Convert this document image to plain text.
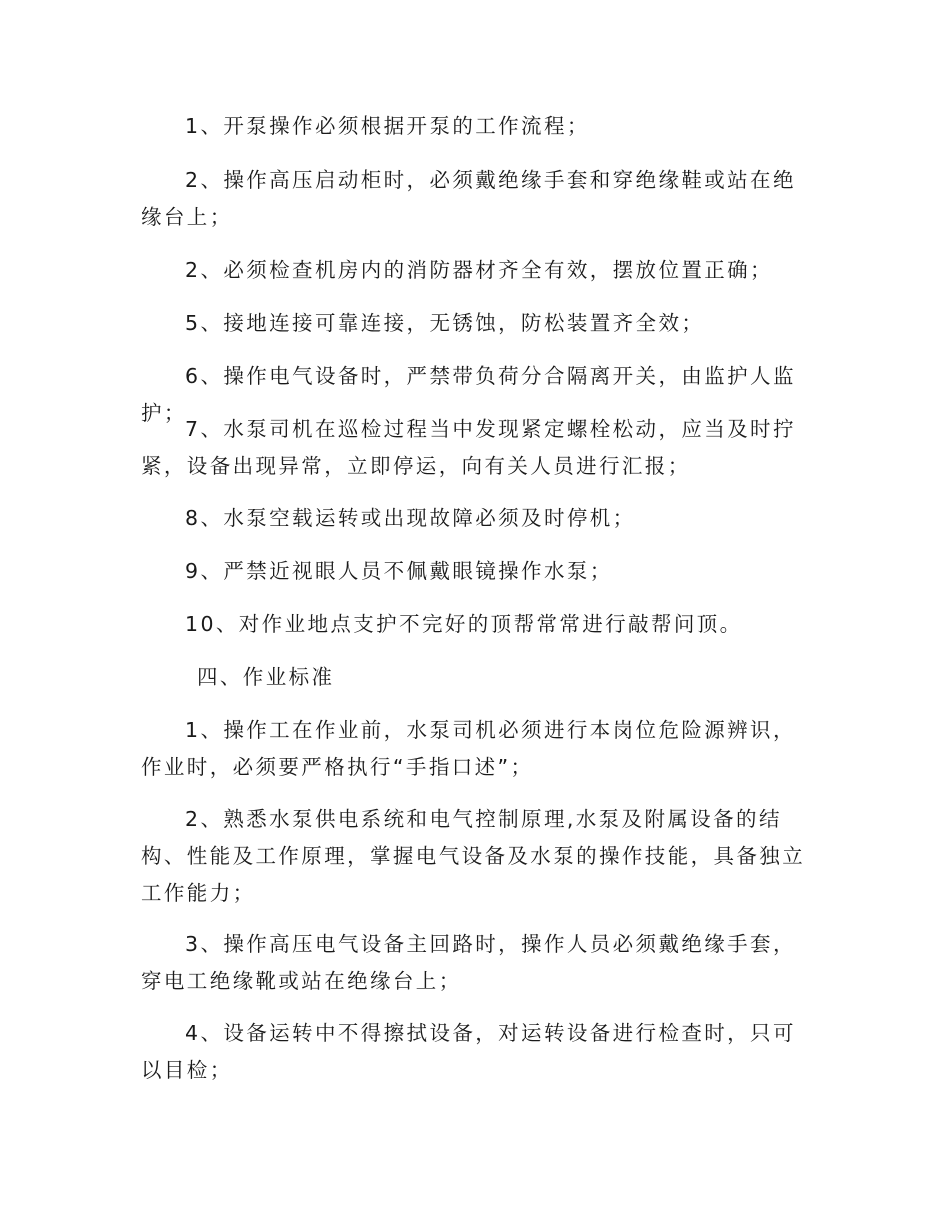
1、开泵操作必须根据开泵的工作流程；

2、操作高压启动柜时，必须戴绝缘手套和穿绝缘鞋或站在绝缘台上；

2、必须检查机房内的消防器材齐全有效，摆放位置正确；

5、接地连接可靠连接，无锈蚀，防松装置齐全效；

6、操作电气设备时，严禁带负荷分合隔离开关，由监护人监护；

7、水泵司机在巡检过程当中发现紧定螺栓松动，应当及时拧紧，设备出现异常，立即停运，向有关人员进行汇报；

8、水泵空载运转或出现故障必须及时停机；

9、严禁近视眼人员不佩戴眼镜操作水泵；

10、对作业地点支护不完好的顶帮常常进行敲帮问顶。

四、作业标准

1、操作工在作业前，水泵司机必须进行本岗位危险源辨识，作业时，必须要严格执行“手指口述”；

2、熟悉水泵供电系统和电气控制原理,水泵及附属设备的结构、性能及工作原理，掌握电气设备及水泵的操作技能，具备独立工作能力；

3、操作高压电气设备主回路时，操作人员必须戴绝缘手套，穿电工绝缘靴或站在绝缘台上；

4、设备运转中不得擦拭设备，对运转设备进行检查时，只可以目检；
